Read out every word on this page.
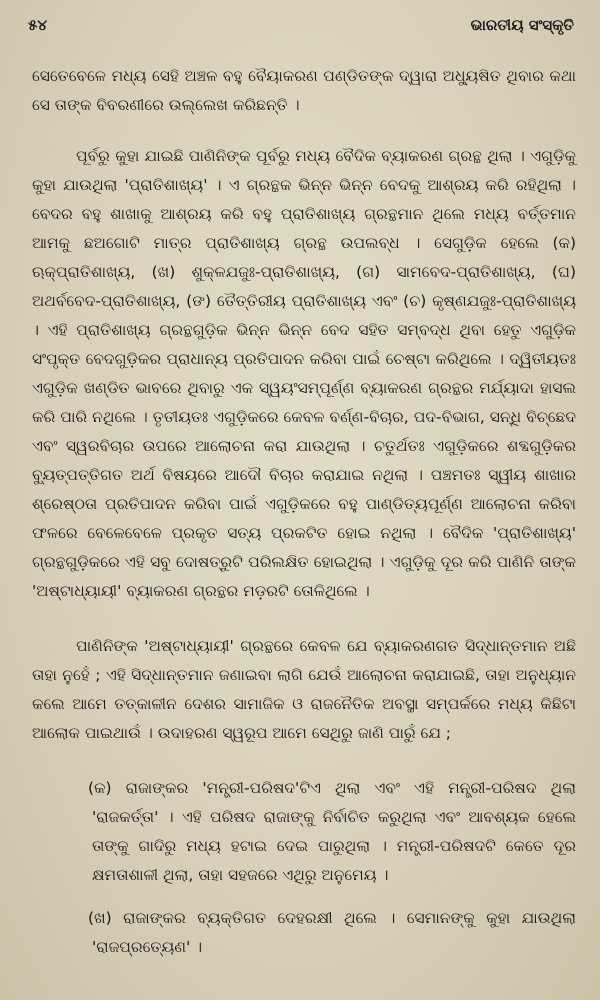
୫୪	ଭାରତୀୟ ସଂସ୍କୃତି

ସେତେବେଳେ ମଧ୍ୟ ସେହି ଅଞ୍ଚଳ ବହୁ ବୈୟାକରଣ ପଣ୍ଡିତଙ୍କ ଦ୍ୱାରା ଅଧ୍ୟୁଷିତ ଥିବାର କଥା ସେ ତାଙ୍କ ବିବରଣୀରେ ଉଲ୍ଲେଖ କରିଛନ୍ତି ।

ପୂର୍ବରୁ କୁହା ଯାଇଛି ପାଣିନିଙ୍କ ପୂର୍ବରୁ ମଧ୍ୟ ବୈଦିକ ବ୍ୟାକରଣ ଗ୍ରନ୍ଥ ଥିଲା । ଏଗୁଡ଼ିକୁ କୁହା ଯାଉଥିଲା 'ପ୍ରାତିଶାଖ୍ୟ' । ଏ ଗ୍ରନ୍ଥକ ଭିନ୍ନ ଭିନ୍ନ ବେଦକୁ ଆଶ୍ରୟ କରି ରହିଥିଲା । ବେଦର ବହୁ ଶାଖାକୁ ଆଶ୍ରୟ କରି ବହୁ ପ୍ରାତିଶାଖ୍ୟ ଗ୍ରନ୍ଥମାନ ଥିଲେ ମଧ୍ୟ ବର୍ତ୍ତମାନ ଆମକୁ ଛଅଗୋଟି ମାତ୍ର ପ୍ରାତିଶାଖ୍ୟ ଗ୍ରନ୍ଥ ଉପଲବ୍ଧ । ସେଗୁଡ଼ିକ ହେଲେ (କ) ଋକ୍‌ପ୍ରାତିଶାଖ୍ୟ, (ଖ) ଶୁକ୍ଳଯଜୁଃ-ପ୍ରାତିଶାଖ୍ୟ, (ଗ) ସାମବେଦ-ପ୍ରାତିଶାଖ୍ୟ, (ଘ) ଅଥର୍ବବେଦ-ପ୍ରାତିଶାଖ୍ୟ, (ଙ) ତୈତ୍ତିରୀୟ ପ୍ରାତିଶାଖ୍ୟ ଏବଂ (ଚ) କୃଷ୍ଣଯଜୁଃ-ପ୍ରାତିଶାଖ୍ୟ । ଏହି ପ୍ରାତିଶାଖ୍ୟ ଗ୍ରନ୍ଥଗୁଡ଼ିକ ଭିନ୍ନ ଭିନ୍ନ ବେଦ ସହିତ ସମ୍ବଦ୍ଧ ଥିବା ହେତୁ ଏଗୁଡ଼ିକ ସଂପୃକ୍ତ ବେଦଗୁଡ଼ିକର ପ୍ରାଧାନ୍ୟ ପ୍ରତିପାଦନ କରିବା ପାଇଁ ଚେଷ୍ଟା କରିଥିଲେ । ଦ୍ୱିତୀୟତଃ ଏଗୁଡ଼ିକ ଖଣ୍ଡିତ ଭାବରେ ଥିବାରୁ ଏକ ସ୍ୱୟଂସମ୍ପୂର୍ଣ୍ଣ ବ୍ୟାକରଣ ଗ୍ରନ୍ଥର ମର୍ଯ୍ୟାଦା ହାସଲ କରି ପାରି ନଥିଲେ । ତୃତୀୟତଃ ଏଗୁଡ଼ିକରେ କେବଳ ବର୍ଣ୍ଣ-ବିଚାର, ପଦ-ବିଭାଗ, ସନ୍ଧି ବିଚ୍ଛେଦ ଏବଂ ସ୍ୱରବିଚାର ଉପରେ ଆଲୋଚନା କରା ଯାଉଥିଲା । ଚତୁର୍ଥତଃ ଏଗୁଡ଼ିକରେ ଶବ୍ଦଗୁଡ଼ିକର ବ୍ୟୁତ୍ପତ୍ତିଗତ ଅର୍ଥ ବିଷୟରେ ଆଦୌ ବିଚାର କରାଯାଇ ନଥିଲା । ପଞ୍ଚମତଃ ସ୍ୱୀୟ ଶାଖାର ଶ୍ରେଷ୍ଠତା ପ୍ରତିପାଦନ କରିବା ପାଇଁ ଏଗୁଡ଼ିକରେ ବହୁ ପାଣ୍ଡିତ୍ୟପୂର୍ଣ୍ଣ ଆଲୋଚନା କରିବା ଫଳରେ ବେଳେବେଳେ ପ୍ରକୃତ ସତ୍ୟ ପ୍ରକଟିତ ହୋଇ ନଥିଲା । ବୈଦିକ 'ପ୍ରାତିଶାଖ୍ୟ' ଗ୍ରନ୍ଥଗୁଡ଼ିକରେ ଏହି ସବୁ ଦୋଷତ୍ରୁଟି ପରିଲକ୍ଷିତ ହୋଇଥିଲା । ଏଗୁଡ଼ିକୁ ଦୂର କରି ପାଣିନି ତାଙ୍କ 'ଅଷ୍ଟାଧ୍ୟାୟୀ' ବ୍ୟାକରଣ ଗ୍ରନ୍ଥର ମଡ଼ରଟି ତୋଳିଥିଲେ ।

ପାଣିନିଙ୍କ 'ଅଷ୍ଟାଧ୍ୟାୟୀ' ଗ୍ରନ୍ଥରେ କେବଳ ଯେ ବ୍ୟାକରଣଗତ ସିଦ୍ଧାନ୍ତମାନ ଅଛି ତାହା ନୁହେଁ ; ଏହି ସିଦ୍ଧାନ୍ତମାନ ଜଣାଇବା ଲାଗି ଯେଉଁ ଆଲୋଚନା କରାଯାଇଛି, ତାହା ଅନୁଧ୍ୟାନ କଲେ ଆମେ ତତ୍କାଳୀନ ଦେଶର ସାମାଜିକ ଓ ରାଜନୈତିକ ଅବସ୍ଥା ସମ୍ପର୍କରେ ମଧ୍ୟ କିଛିଟା ଆଲୋକ ପାଇଥାଉଁ । ଉଦାହରଣ ସ୍ୱରୂପ ଆମେ ସେଥିରୁ ଜାଣି ପାରୁଁ ଯେ ;

(କ) ରାଜାଙ୍କର 'ମନ୍ତ୍ରୀ-ପରିଷଦ'ଟିଏ ଥିଲା ଏବଂ ଏହି ମନ୍ତ୍ରୀ-ପରିଷଦ ଥିଲା 'ରାଜକର୍ତ୍ତା' । ଏହି ପରିଷଦ ରାଜାଙ୍କୁ ନିର୍ବାଚିତ କରୁଥିଲା ଏବଂ ଆବଶ୍ୟକ ହେଲେ ତାଙ୍କୁ ଗାଦିରୁ ମଧ୍ୟ ହଟାଇ ଦେଇ ପାରୁଥିଲା । ମନ୍ତ୍ରୀ-ପରିଷଦଟି କେତେ ଦୂର କ୍ଷମତାଶାଳୀ ଥିଲା, ତାହା ସହଜରେ ଏଥିରୁ ଅନୁମେୟ ।

(ଖ) ରାଜାଙ୍କର ବ୍ୟକ୍ତିଗତ ଦେହରକ୍ଷୀ ଥିଲେ । ସେମାନଙ୍କୁ କୁହା ଯାଉଥିଲା 'ରାଜପ୍ରତ୍ୟେଣ' ।
